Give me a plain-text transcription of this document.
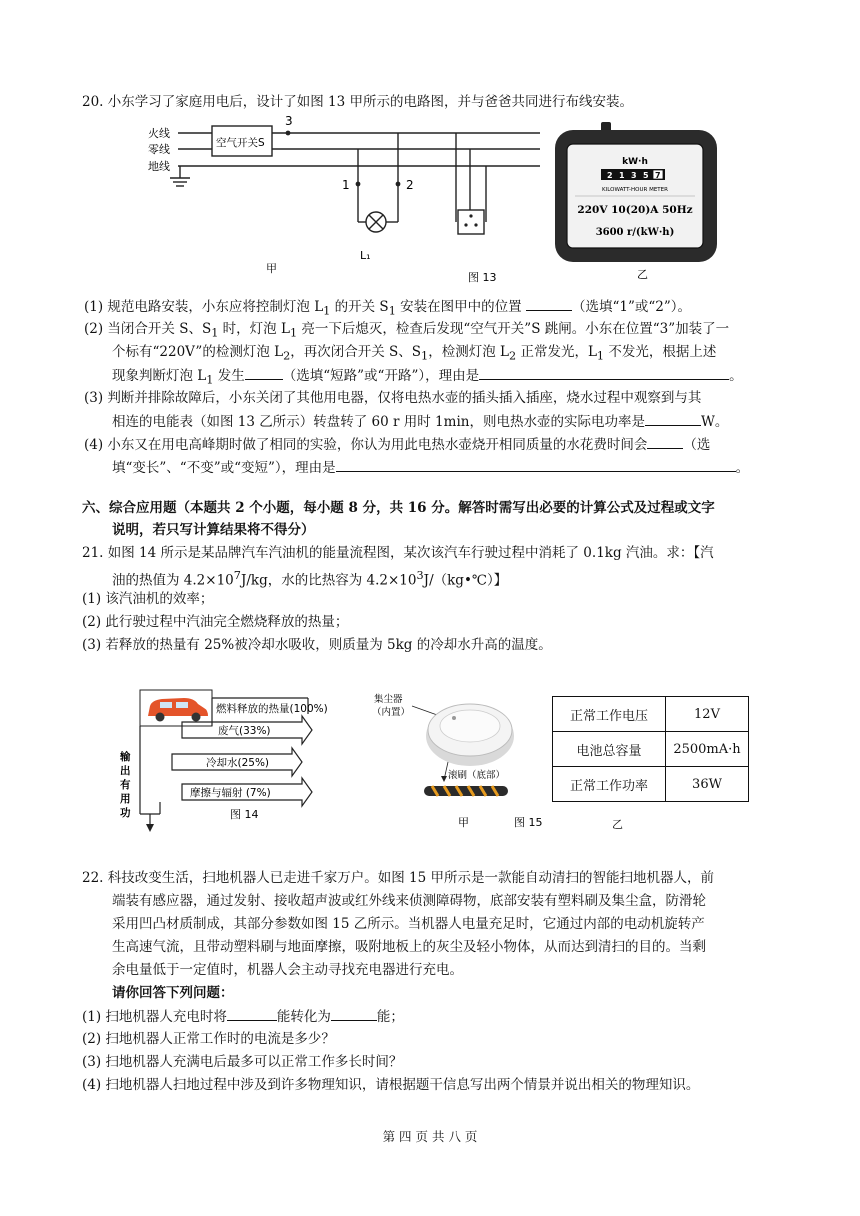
20. 小东学习了家庭用电后，设计了如图 13 甲所示的电路图，并与爸爸共同进行布线安装。
火线
零线
地线
空气开关S
3
1	2
L₁
甲
图 13
kW·h
2 1 3 5 7
KILOWATT-HOUR METER
220V 10(20)A 50Hz
3600 r/(kW·h)
乙
(1) 规范电路安装，小东应将控制灯泡 $L_1$ 的开关 $S_1$ 安装在图甲中的位置	（选填“1”或“2”）。
(2) 当闭合开关 S、$S_1$ 时，灯泡 $L_1$ 亮一下后熄灭，检查后发现“空气开关”S 跳闸。小东在位置“3”加装了一
个标有“220V”的检测灯泡 $L_2$，再次闭合开关 S、$S_1$，检测灯泡 $L_2$ 正常发光，$L_1$ 不发光，根据上述
现象判断灯泡 $L_1$ 发生	（选填“短路”或“开路”），理由是	。
(3) 判断并排除故障后，小东关闭了其他用电器，仅将电热水壶的插头插入插座，烧水过程中观察到与其
相连的电能表（如图 13 乙所示）转盘转了 60 r 用时 1min，则电热水壶的实际电功率是	W。
(4) 小东又在用电高峰期时做了相同的实验，你认为用此电热水壶烧开相同质量的水花费时间会	（选
填“变长”、“不变”或“变短”），理由是	。
六、综合应用题（本题共 2 个小题，每小题 8 分，共 16 分。解答时需写出必要的计算公式及过程或文字
说明，若只写计算结果将不得分）
21. 如图 14 所示是某品牌汽车汽油机的能量流程图，某次该汽车行驶过程中消耗了 0.1kg 汽油。求：【汽
油的热值为 $4.2\times 10^7J/kg$，水的比热容为 $4.2\times 10^3J/(kg•℃)$】
(1) 该汽油机的效率；
(2) 此行驶过程中汽油完全燃烧释放的热量；
(3) 若释放的热量有 25%被冷却水吸收，则质量为 5kg 的冷却水升高的温度。
燃料释放的热量(100%)
废气(33%)
冷却水(25%)
摩擦与辐射 (7%)
输
出
有
用
功	图 14
集尘器
（内置）
滚刷（底部）
甲	图 15
正常工作电压	12V
电池总容量	2500mA·h
正常工作功率	36W
乙
22. 科技改变生活，扫地机器人已走进千家万户。如图 15 甲所示是一款能自动清扫的智能扫地机器人，前
端装有感应器，通过发射、接收超声波或红外线来侦测障碍物，底部安装有塑料刷及集尘盒，防滑轮
采用凹凸材质制成，其部分参数如图 15 乙所示。当机器人电量充足时，它通过内部的电动机旋转产
生高速气流，且带动塑料刷与地面摩擦，吸附地板上的灰尘及轻小物体，从而达到清扫的目的。当剩
余电量低于一定值时，机器人会主动寻找充电器进行充电。
请你回答下列问题：
(1) 扫地机器人充电时将	能转化为	能；
(2) 扫地机器人正常工作时的电流是多少？
(3) 扫地机器人充满电后最多可以正常工作多长时间？
(4) 扫地机器人扫地过程中涉及到许多物理知识，请根据题干信息写出两个情景并说出相关的物理知识。
第 四 页 共 八 页
